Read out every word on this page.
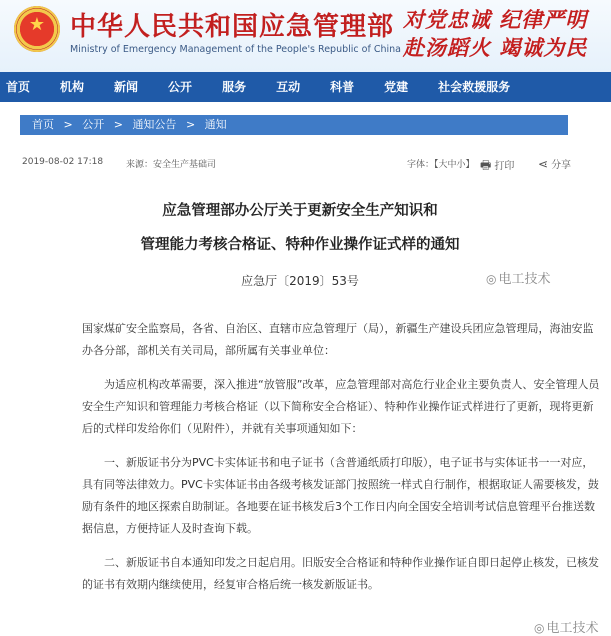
★ 中华人民共和国应急管理部
Ministry of Emergency Management of the People's Republic of China
对党忠诚 纪律严明
赴汤蹈火 竭诚为民
首页	机构	新闻	公开	服务	互动	科普	党建	社会救援服务
首页 > 公开 > 通知公告 > 通知
2019-08-02 17:18	来源：安全生产基础司	字体：【大中小】 🖶 打印 ⋖ 分享
应急管理部办公厅关于更新安全生产知识和
管理能力考核合格证、特种作业操作证式样的通知
应急厅〔2019〕53号	◎ 电工技术

国家煤矿安全监察局，各省、自治区、直辖市应急管理厅（局），新疆生产建设兵团应急管理局，海油安监办各分部，部机关有关司局，部所属有关事业单位：

为适应机构改革需要，深入推进“放管服”改革，应急管理部对高危行业企业主要负责人、安全管理人员安全生产知识和管理能力考核合格证（以下简称安全合格证）、特种作业操作证式样进行了更新，现将更新后的式样印发给你们（见附件），并就有关事项通知如下：

一、新版证书分为PVC卡实体证书和电子证书（含普通纸质打印版），电子证书与实体证书一一对应，具有同等法律效力。PVC卡实体证书由各级考核发证部门按照统一样式自行制作，根据取证人需要核发，鼓励有条件的地区探索自助制证。各地要在证书核发后3个工作日内向全国安全培训考试信息管理平台推送数据信息，方便持证人及时查询下载。

二、新版证书自本通知印发之日起启用。旧版安全合格证和特种作业操作证自即日起停止核发，已核发的证书有效期内继续使用，经复审合格后统一核发新版证书。

◎ 电工技术
